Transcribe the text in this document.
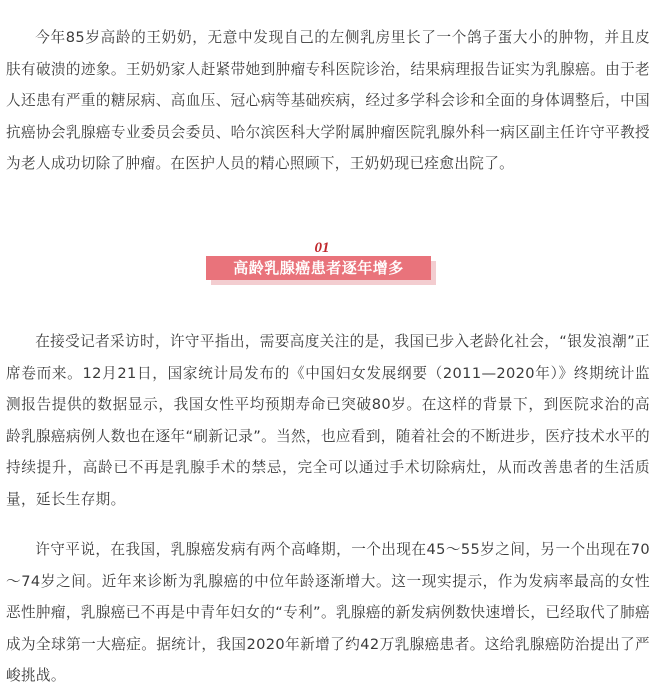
今年85岁高龄的王奶奶，无意中发现自己的左侧乳房里长了一个鸽子蛋大小的肿物，并且皮肤有破溃的迹象。王奶奶家人赶紧带她到肿瘤专科医院诊治，结果病理报告证实为乳腺癌。由于老人还患有严重的糖尿病、高血压、冠心病等基础疾病，经过多学科会诊和全面的身体调整后，中国抗癌协会乳腺癌专业委员会委员、哈尔滨医科大学附属肿瘤医院乳腺外科一病区副主任许守平教授为老人成功切除了肿瘤。在医护人员的精心照顾下，王奶奶现已痊愈出院了。

01
高龄乳腺癌患者逐年增多

在接受记者采访时，许守平指出，需要高度关注的是，我国已步入老龄化社会，“银发浪潮”正席卷而来。12月21日，国家统计局发布的《中国妇女发展纲要（2011—2020年）》终期统计监测报告提供的数据显示，我国女性平均预期寿命已突破80岁。在这样的背景下，到医院求治的高龄乳腺癌病例人数也在逐年“刷新记录”。当然，也应看到，随着社会的不断进步，医疗技术水平的持续提升，高龄已不再是乳腺手术的禁忌，完全可以通过手术切除病灶，从而改善患者的生活质量，延长生存期。

许守平说，在我国，乳腺癌发病有两个高峰期，一个出现在45～55岁之间，另一个出现在70～74岁之间。近年来诊断为乳腺癌的中位年龄逐渐增大。这一现实提示，作为发病率最高的女性恶性肿瘤，乳腺癌已不再是中青年妇女的“专利”。乳腺癌的新发病例数快速增长，已经取代了肺癌成为全球第一大癌症。据统计，我国2020年新增了约42万乳腺癌患者。这给乳腺癌防治提出了严峻挑战。
